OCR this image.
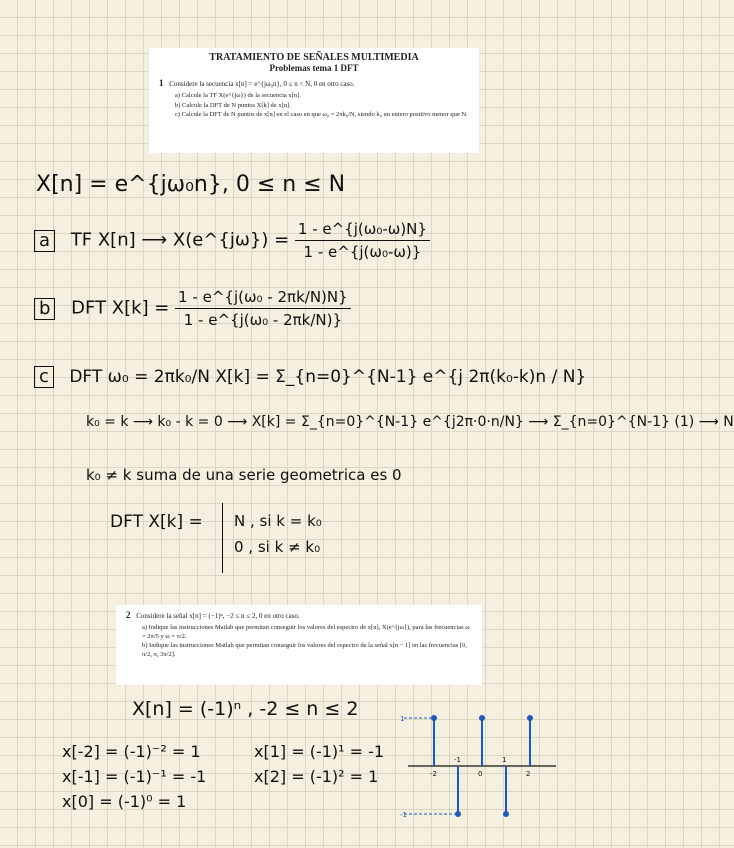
TRATAMIENTO DE SEÑALES MULTIMEDIA
Problemas tema 1 DFT
1 Considere la secuencia x[n] = e^{jω₀n}, 0 ≤ n < N, 0 en otro caso.
a) Calcule la TF X(e^{jω}) de la secuencia x[n].
b) Calcule la DFT de N puntos X[k] de x[n].
c) Calcule la DFT de N puntos de x[n] en el caso en que ω₀ = 2πk₀/N, siendo k₀ un entero positivo menor que N.
X[n] = e^{jω₀n}, 0 ≤ n ≤ N
a TF X[n] ⟶ X(e^{jω}) = $\frac{\text{1 - e\textasciicircum{}\{j(ω₀-ω)N\}}}{\text{1 - e\textasciicircum{}\{j(ω₀-ω)\}}}$
b DFT $X[k] = \frac{\text{1 - e\textasciicircum{}\{j(ω₀ - 2πk/N)N\}}}{\text{1 - e\textasciicircum{}\{j(ω₀ - 2πk/N)\}}}$
c DFT ω₀ = 2πk₀/N X[k] = Σ_{n=0}^{N-1} e^{j 2π(k₀-k)n / N}
k₀ = k ⟶ k₀ - k = 0 ⟶ X[k] = Σ_{n=0}^{N-1} e^{j2π·0·n/N} ⟶ Σ_{n=0}^{N-1} (1) ⟶ N
k₀ ≠ k suma de una serie geometrica es 0
DFT X[k] = N , si k = k₀
0 , si k ≠ k₀
2 Considere la señal x[n] = (−1)ⁿ, −2 ≤ n ≤ 2, 0 en otro caso.
a) Indique las instrucciones Matlab que permitan conseguir los valores del espectro de x[n], X(e^{jω}), para las frecuencias ω = 2π/5 y ω = π/2.
b) Indique las instrucciones Matlab que permitan conseguir los valores del espectro de la señal x[n − 1] en las frecuencias [0, π/2, π, 3π/2].
X[n] = (-1)ⁿ , -2 ≤ n ≤ 2
x[-2] = (-1)⁻² = 1
x[-1] = (-1)⁻¹ = -1
x[0] = (-1)⁰ = 1
x[1] = (-1)¹ = -1
x[2] = (-1)² = 1
1
-1
-2
-1
0
1
2
